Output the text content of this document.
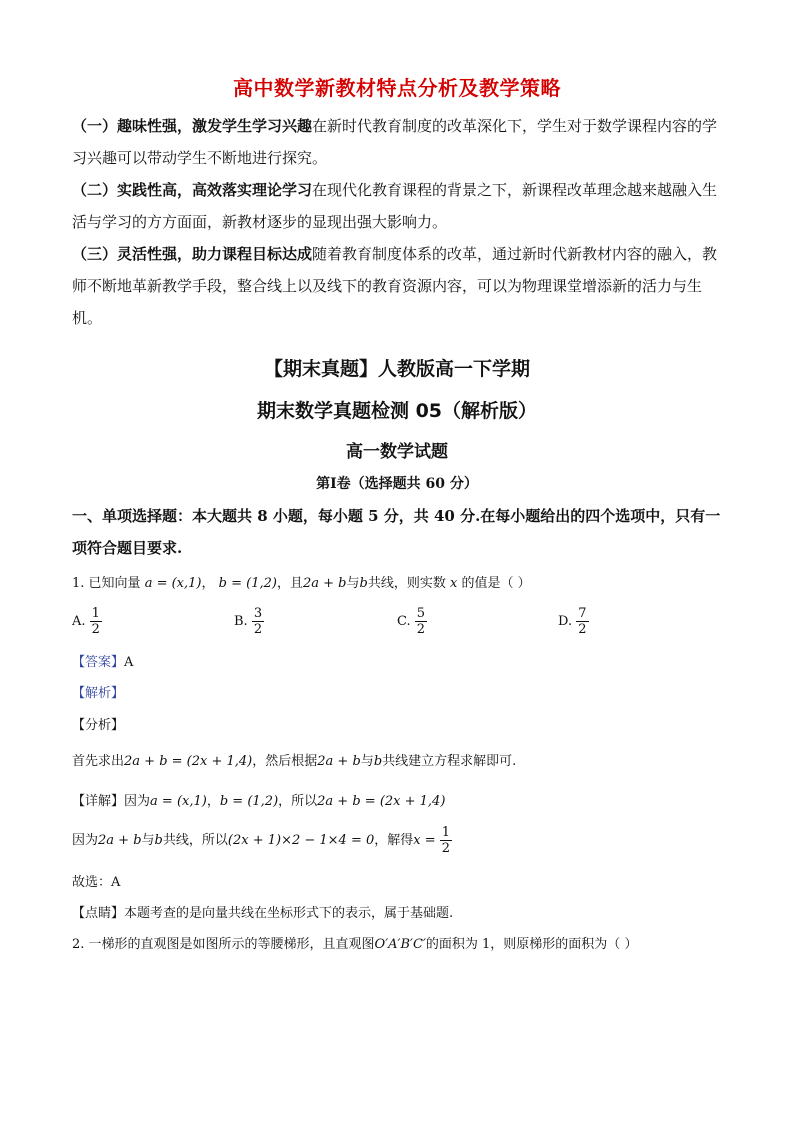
高中数学新教材特点分析及教学策略
（一）趣味性强，激发学生学习兴趣在新时代教育制度的改革深化下，学生对于数学课程内容的学习兴趣可以带动学生不断地进行探究。
（二）实践性高，高效落实理论学习在现代化教育课程的背景之下，新课程改革理念越来越融入生活与学习的方方面面，新教材逐步的显现出强大影响力。
（三）灵活性强，助力课程目标达成随着教育制度体系的改革，通过新时代新教材内容的融入，教师不断地革新教学手段，整合线上以及线下的教育资源内容，可以为物理课堂增添新的活力与生机。
【期末真题】人教版高一下学期
期末数学真题检测 05（解析版）
高一数学试题
第Ⅰ卷（选择题共 60 分）
一、单项选择题：本大题共 8 小题，每小题 5 分，共 40 分.在每小题给出的四个选项中，只有一项符合题目要求.
1. 已知向量 a = (x,1)， b = (1,2)，且2a + b与b共线，则实数 x 的值是（ ）
A. $\frac{1}{2}$	B. $\frac{3}{2}$	C. $\frac{5}{2}$	D. $\frac{7}{2}$
【答案】A
【解析】
【分析】
首先求出2a + b = (2x + 1,4)，然后根据2a + b与b共线建立方程求解即可.
【详解】因为a = (x,1)，b = (1,2)，所以2a + b = (2x + 1,4)
因为2a + b与b共线，所以(2x + 1)×2 − 1×4 = 0，解得$x = \frac{1}{2}$
故选：A
【点睛】本题考查的是向量共线在坐标形式下的表示，属于基础题.
2. 一梯形的直观图是如图所示的等腰梯形，且直观图O′A′B′C′的面积为 1，则原梯形的面积为（ ）
